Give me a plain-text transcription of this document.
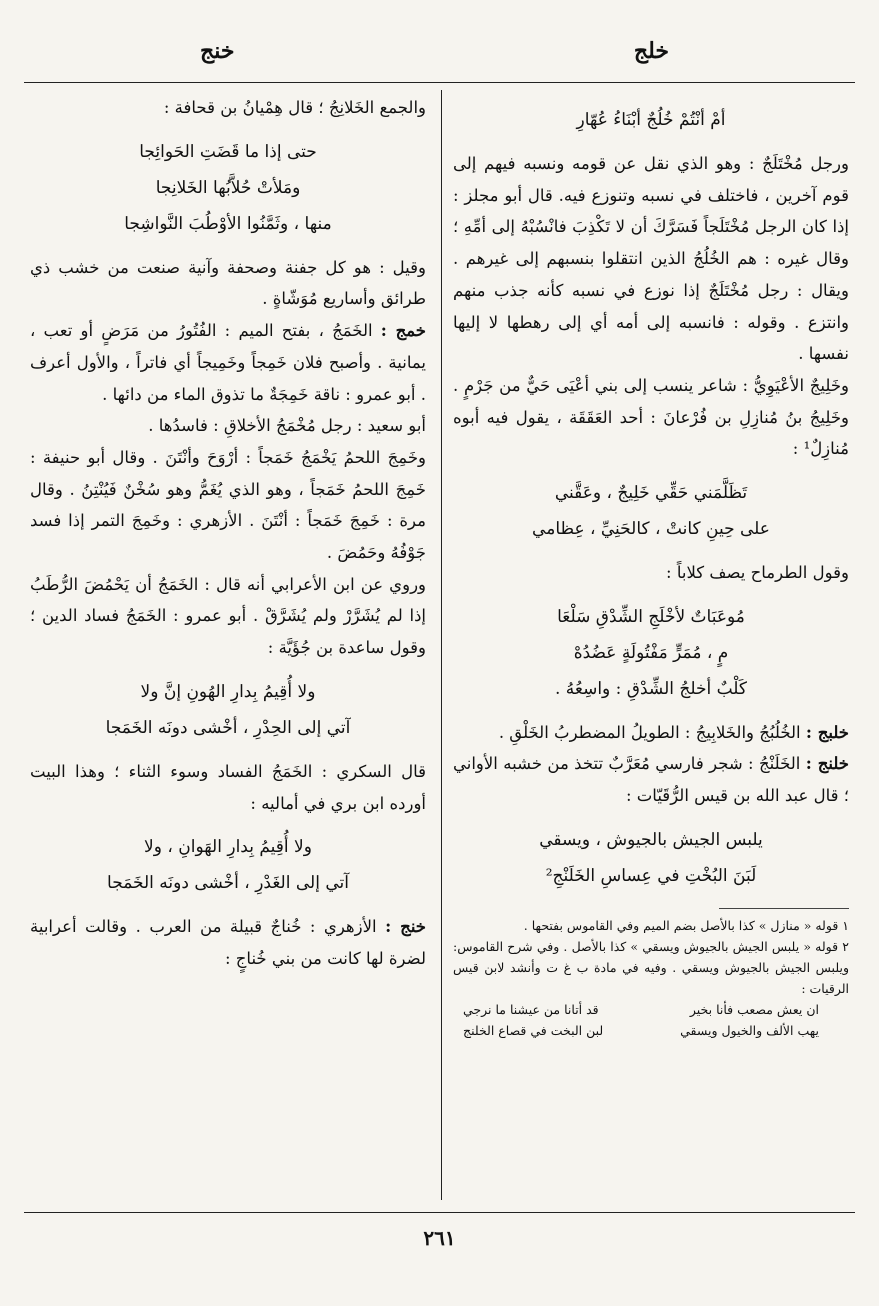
خلج
خنج
أمْ أنْتُمْ خُلُجٌ أبْنَاءُ عُهّارِ

ورجل مُخْتَلَجٌ : وهو الذي نقل عن قومه ونسبه فيهم إلى قوم آخرين ، فاختلف في نسبه وتنوزع فيه. قال أبو مجلز : إذا كان الرجل مُخْتَلَجاً فَسَرَّكَ أن لا تَكْذِبَ فانْسُبْهُ إلى أمِّهِ ؛ وقال غيره : هم الخُلُجُ الذين انتقلوا بنسبهم إلى غيرهم . ويقال : رجل مُخْتَلَجٌ إذا نوزع في نسبه كأنه جذب منهم وانتزع . وقوله : فانسبه إلى أمه أي إلى رهطها لا إليها نفسها .

وخَلِيجٌ الأعْيَوِيُّ : شاعر ينسب إلى بني أعْيَى حَيٌّ من جَرْمٍ . وخَلِيجُ بنُ مُنازِلِ بن فُرْعانَ : أحد العَقَقَة ، يقول فيه أبوه مُنازِلٌ¹ :

تَظَلَّمَني حَقِّي خَلِيجٌ ، وعَقَّني
على حِينِ كانتْ ، كالحَنِيِّ ، عِظامي

وقول الطرماح يصف كلاباً :

مُوعَبَاتٌ لأخْلَجِ الشِّدْقِ سَلْعَا
مٍ ، مُمَرٍّ مَفْتُولَةٍ عَضُدُهْ
كَلْبٌ أخلجُ الشِّدْقِ : واسِعُهُ .

خلبج : الخُلُبُجُ والخَلابِيجُ : الطويلُ المضطربُ الخَلْقِ .

خلنج : الخَلَنْجُ : شجر فارسي مُعَرَّبٌ تتخذ من خشبه الأواني ؛ قال عبد الله بن قيس الرُّقَيّات :

يلبس الجيش بالجيوش ، ويسقي
لَبَنَ البُخْتِ في عِساسِ الخَلَنْجِ²

١ قوله « منازل » كذا بالأصل بضم الميم وفي القاموس بفتحها .

٢ قوله « يلبس الجيش بالجيوش ويسقي » كذا بالأصل . وفي شرح القاموس: ويلبس الجيش بالجيوش ويسقي . وفيه في مادة ب غ ت وأنشد لابن قيس الرقيات :

ان يعش مصعب فأنا بخير
قد أتانا من عيشنا ما نرجي
يهب الألف والخيول ويسقي
لبن البخت في قصاع الخلنج

والجمع الخَلانِجُ ؛ قال هِمْيانُ بن قحافة :

حتى إذا ما قَضَتِ الحَوائِجا
ومَلأتْ حُلاَّبُها الخَلانِجا
منها ، وثَمَّنُوا الأوْطُبَ النَّواشِجا

وقيل : هو كل جفنة وصحفة وآنية صنعت من خشب ذي طرائق وأساريع مُوَشّاةٍ .

خمج : الخَمَجُ ، بفتح الميم : الفُتُورُ من مَرَضٍ أو تعب ، يمانية . وأصبح فلان خَمِجاً وخَمِيجاً أي فاتراً ، والأول أعرف . أبو عمرو : ناقة خَمِجَةٌ ما تذوق الماء من دائها .

أبو سعيد : رجل مُخْمَجُ الأخلاقِ : فاسدُها .

وخَمِجَ اللحمُ يَخْمَجُ خَمَجاً : أرْوَحَ وأنْتَنَ . وقال أبو حنيفة : خَمِجَ اللحمُ خَمَجاً ، وهو الذي يُغَمُّ وهو سُخْنٌ فَيُنْتِنُ . وقال مرة : خَمِجَ خَمَجاً : أنْتَنَ . الأزهري : وخَمِجَ التمر إذا فسد جَوْفُهُ وحَمُضَ .

وروي عن ابن الأعرابي أنه قال : الخَمَجُ أن يَحْمُضَ الرُّطَبُ إذا لم يُشَرَّرْ ولم يُشَرَّقْ . أبو عمرو : الخَمَجُ فساد الدين ؛ وقول ساعدة بن جُؤَيَّة :

ولا أُقِيمُ بِدارِ الهُونِ إنَّ ولا
آتي إلى الحِدْرِ ، أخْشى دونَه الخَمَجا

قال السكري : الخَمَجُ الفساد وسوء الثناء ؛ وهذا البيت أورده ابن بري في أماليه :

ولا أُقِيمُ بِدارِ الهَوانِ ، ولا
آتي إلى الغَدْرِ ، أخْشى دونَه الخَمَجا

خنج : الأزهري : خُناجٌ قبيلة من العرب . وقالت أعرابية لضرة لها كانت من بني خُناجٍ :

٢٦١
